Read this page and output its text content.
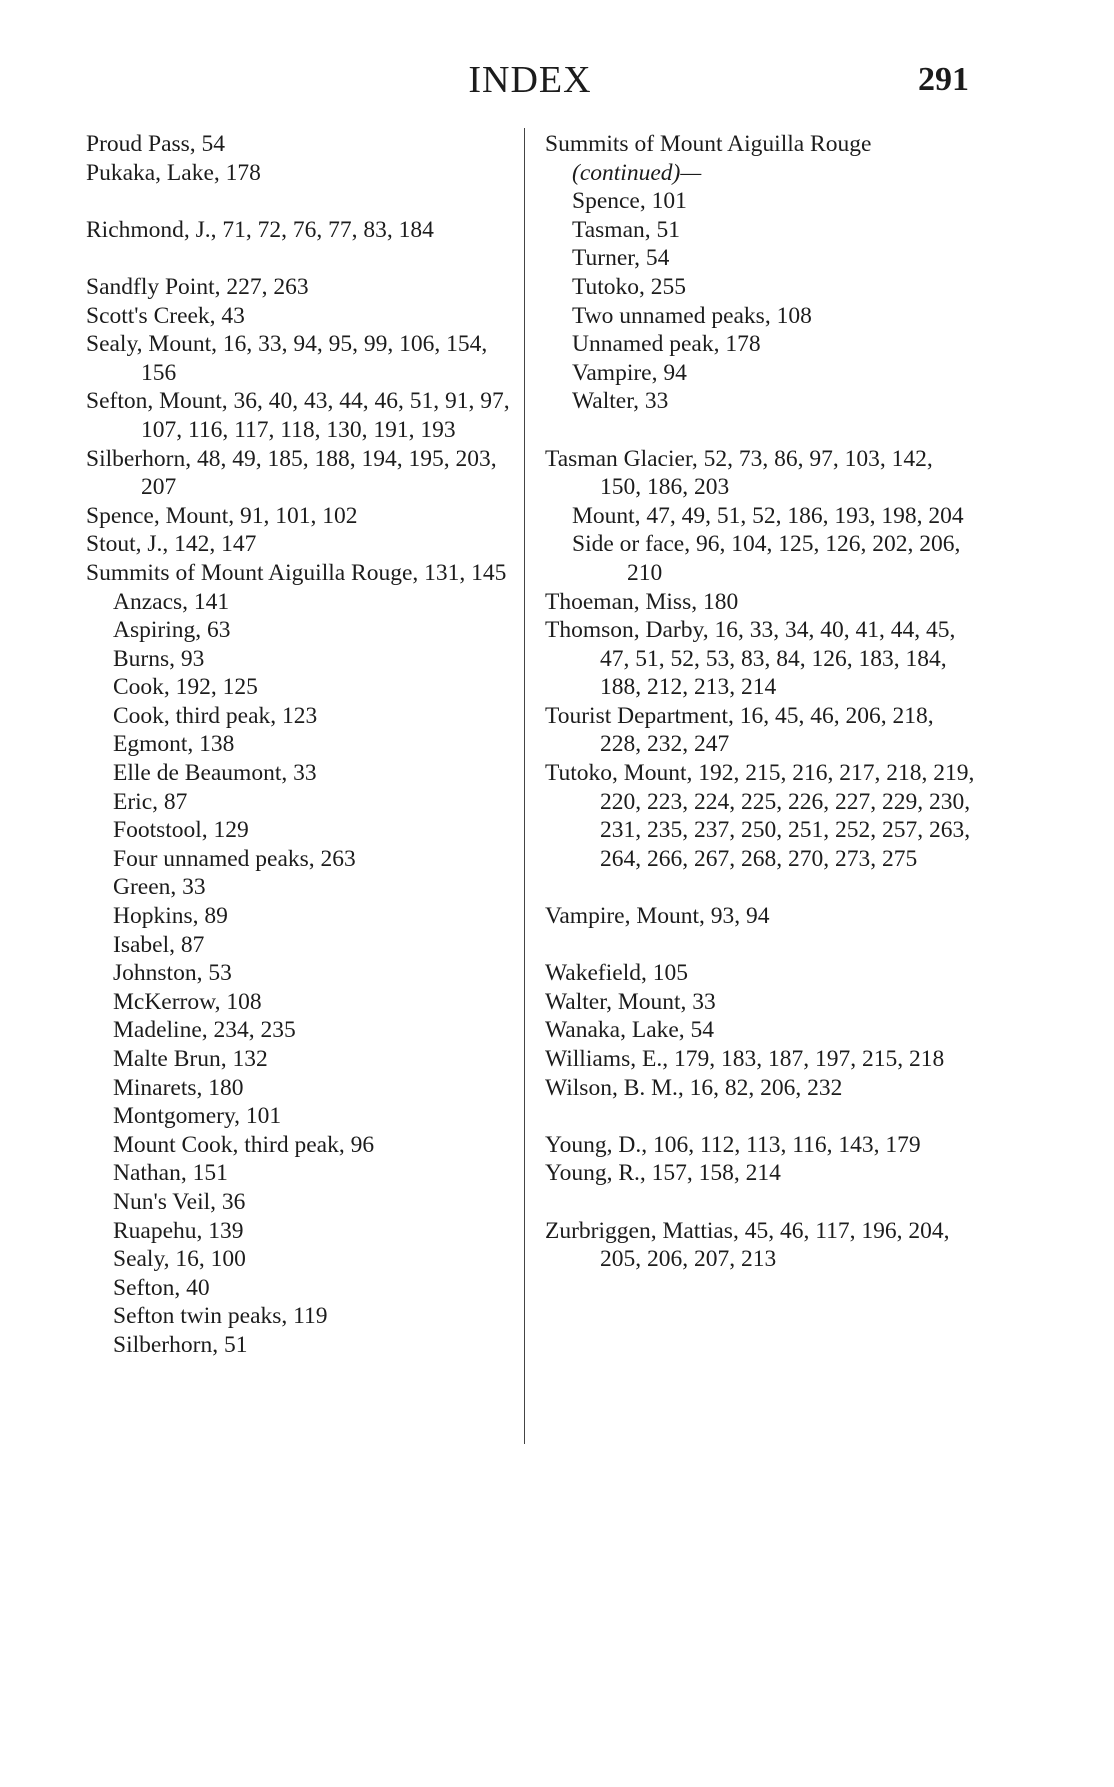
INDEX	291

Proud Pass, 54

Pukaka, Lake, 178

Richmond, J., 71, 72, 76, 77, 83, 184

Sandfly Point, 227, 263

Scott's Creek, 43

Sealy, Mount, 16, 33, 94, 95, 99, 106, 154, 156

Sefton, Mount, 36, 40, 43, 44, 46, 51, 91, 97, 107, 116, 117, 118, 130, 191, 193

Silberhorn, 48, 49, 185, 188, 194, 195, 203, 207

Spence, Mount, 91, 101, 102

Stout, J., 142, 147

Summits of Mount Aiguilla Rouge, 131, 145

Anzacs, 141

Aspiring, 63

Burns, 93

Cook, 192, 125

Cook, third peak, 123

Egmont, 138

Elle de Beaumont, 33

Eric, 87

Footstool, 129

Four unnamed peaks, 263

Green, 33

Hopkins, 89

Isabel, 87

Johnston, 53

McKerrow, 108

Madeline, 234, 235

Malte Brun, 132

Minarets, 180

Montgomery, 101

Mount Cook, third peak, 96

Nathan, 151

Nun's Veil, 36

Ruapehu, 139

Sealy, 16, 100

Sefton, 40

Sefton twin peaks, 119

Silberhorn, 51

Summits of Mount Aiguilla Rouge

(continued)—

Spence, 101

Tasman, 51

Turner, 54

Tutoko, 255

Two unnamed peaks, 108

Unnamed peak, 178

Vampire, 94

Walter, 33

Tasman Glacier, 52, 73, 86, 97, 103, 142, 150, 186, 203

Mount, 47, 49, 51, 52, 186, 193, 198, 204

Side or face, 96, 104, 125, 126, 202, 206, 210

Thoeman, Miss, 180

Thomson, Darby, 16, 33, 34, 40, 41, 44, 45, 47, 51, 52, 53, 83, 84, 126, 183, 184, 188, 212, 213, 214

Tourist Department, 16, 45, 46, 206, 218, 228, 232, 247

Tutoko, Mount, 192, 215, 216, 217, 218, 219, 220, 223, 224, 225, 226, 227, 229, 230, 231, 235, 237, 250, 251, 252, 257, 263, 264, 266, 267, 268, 270, 273, 275

Vampire, Mount, 93, 94

Wakefield, 105

Walter, Mount, 33

Wanaka, Lake, 54

Williams, E., 179, 183, 187, 197, 215, 218

Wilson, B. M., 16, 82, 206, 232

Young, D., 106, 112, 113, 116, 143, 179

Young, R., 157, 158, 214

Zurbriggen, Mattias, 45, 46, 117, 196, 204, 205, 206, 207, 213
